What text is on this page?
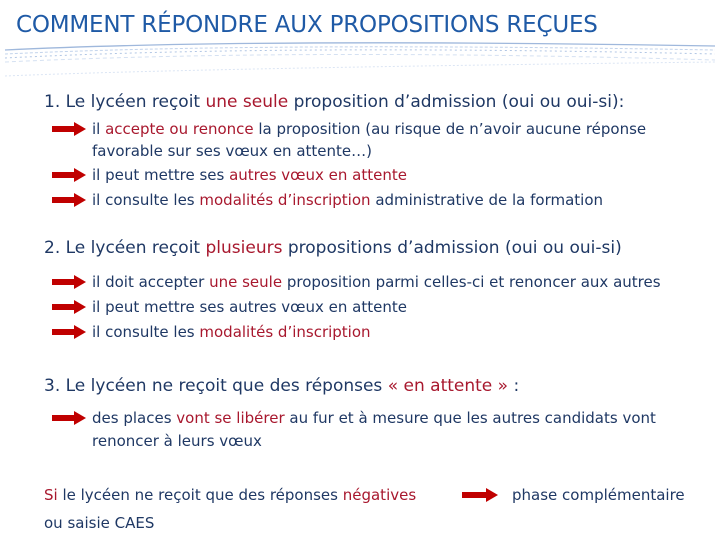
COMMENT RÉPONDRE AUX PROPOSITIONS REÇUES
1. Le lycéen reçoit une seule proposition d’admission (oui ou oui-si):
il accepte ou renonce la proposition (au risque de n’avoir aucune réponse
favorable sur ses vœux en attente…)
il peut mettre ses autres vœux en attente
il consulte les modalités d’inscription administrative de la formation
2. Le lycéen reçoit plusieurs propositions d’admission (oui ou oui-si)
il doit accepter une seule proposition parmi celles-ci et renoncer aux autres
il peut mettre ses autres vœux en attente
il consulte les modalités d’inscription
3. Le lycéen ne reçoit que des réponses « en attente » :
des places vont se libérer au fur et à mesure que les autres candidats vont
renoncer à leurs vœux
Si le lycéen ne reçoit que des réponses négatives
ou saisie CAES
phase complémentaire
